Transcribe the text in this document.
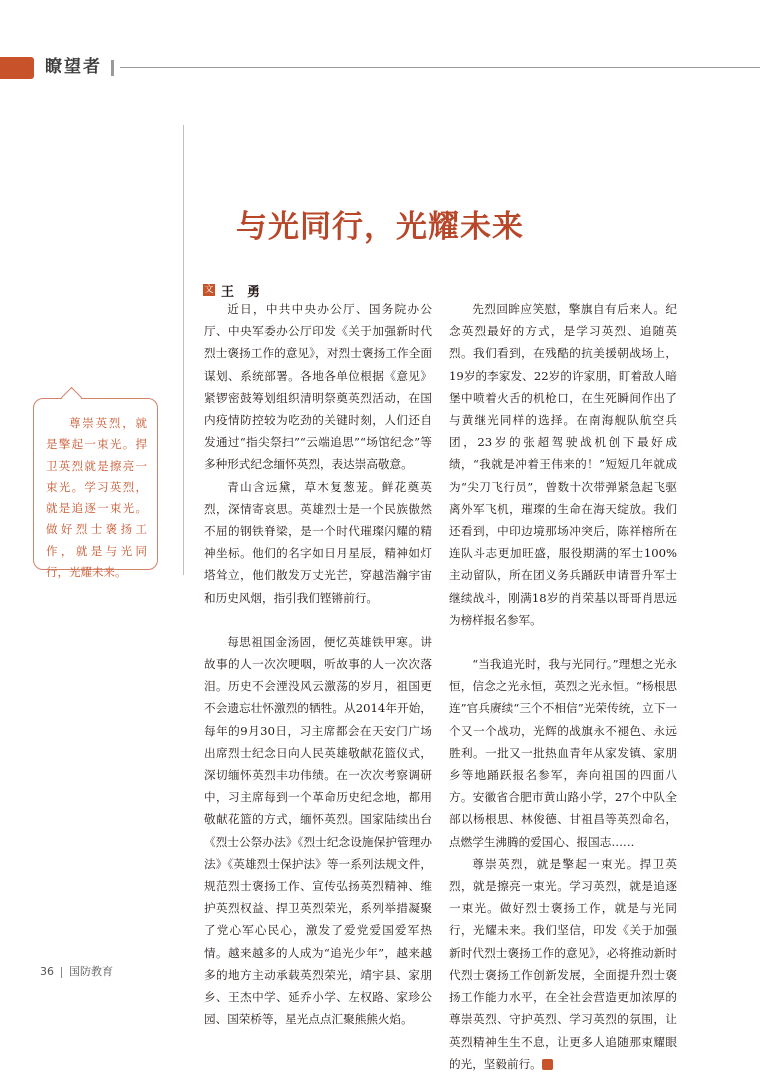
瞭望者
与光同行，光耀未来
文 王　勇
尊崇英烈，就是擎起一束光。捍卫英烈就是擦亮一束光。学习英烈，就是追逐一束光。做好烈士褒扬工作，就是与光同行，光耀未来。

近日，中共中央办公厅、国务院办公厅、中央军委办公厅印发《关于加强新时代烈士褒扬工作的意见》，对烈士褒扬工作全面谋划、系统部署。各地各单位根据《意见》紧锣密鼓筹划组织清明祭奠英烈活动，在国内疫情防控较为吃劲的关键时刻，人们还自发通过“指尖祭扫”“云端追思”“场馆纪念”等多种形式纪念缅怀英烈，表达崇高敬意。

青山含远黛，草木复葱茏。鲜花奠英烈，深情寄哀思。英雄烈士是一个民族傲然不屈的钢铁脊梁，是一个时代璀璨闪耀的精神坐标。他们的名字如日月星辰，精神如灯塔耸立，他们散发万丈光芒，穿越浩瀚宇宙和历史风烟，指引我们铿锵前行。

每思祖国金汤固，便忆英雄铁甲寒。讲故事的人一次次哽咽，听故事的人一次次落泪。历史不会湮没风云激荡的岁月，祖国更不会遗忘壮怀激烈的牺牲。从2014年开始，每年的9月30日，习主席都会在天安门广场出席烈士纪念日向人民英雄敬献花篮仪式，深切缅怀英烈丰功伟绩。在一次次考察调研中，习主席每到一个革命历史纪念地，都用敬献花篮的方式，缅怀英烈。国家陆续出台《烈士公祭办法》《烈士纪念设施保护管理办法》《英雄烈士保护法》等一系列法规文件，规范烈士褒扬工作、宣传弘扬英烈精神、维护英烈权益、捍卫英烈荣光，系列举措凝聚了党心军心民心，激发了爱党爱国爱军热情。越来越多的人成为“追光少年”，越来越多的地方主动承载英烈荣光，靖宇县、家朋乡、王杰中学、延乔小学、左权路、家珍公园、国荣桥等，星光点点汇聚熊熊火焰。

先烈回眸应笑慰，擎旗自有后来人。纪念英烈最好的方式，是学习英烈、追随英烈。我们看到，在残酷的抗美援朝战场上，19岁的李家发、22岁的许家朋，盯着敌人暗堡中喷着火舌的机枪口，在生死瞬间作出了与黄继光同样的选择。在南海舰队航空兵团，23岁的张超驾驶战机创下最好成绩，“我就是冲着王伟来的！”短短几年就成为“尖刀飞行员”，曾数十次带弹紧急起飞驱离外军飞机，璀璨的生命在海天绽放。我们还看到，中印边境那场冲突后，陈祥榕所在连队斗志更加旺盛，服役期满的军士100%主动留队，所在团义务兵踊跃申请晋升军士继续战斗，刚满18岁的肖荣基以哥哥肖思远为榜样报名参军。

“当我追光时，我与光同行。”理想之光永恒，信念之光永恒，英烈之光永恒。“杨根思连”官兵赓续“三个不相信”光荣传统，立下一个又一个战功，光辉的战旗永不褪色、永远胜利。一批又一批热血青年从家发镇、家朋乡等地踊跃报名参军，奔向祖国的四面八方。安徽省合肥市黄山路小学，27个中队全部以杨根思、林俊德、甘祖昌等英烈命名，点燃学生沸腾的爱国心、报国志……

尊崇英烈，就是擎起一束光。捍卫英烈，就是擦亮一束光。学习英烈，就是追逐一束光。做好烈士褒扬工作，就是与光同行，光耀未来。我们坚信，印发《关于加强新时代烈士褒扬工作的意见》，必将推动新时代烈士褒扬工作创新发展，全面提升烈士褒扬工作能力水平，在全社会营造更加浓厚的尊崇英烈、守护英烈、学习英烈的氛围，让英烈精神生生不息，让更多人追随那束耀眼的光，坚毅前行。	G

36 国防教育
